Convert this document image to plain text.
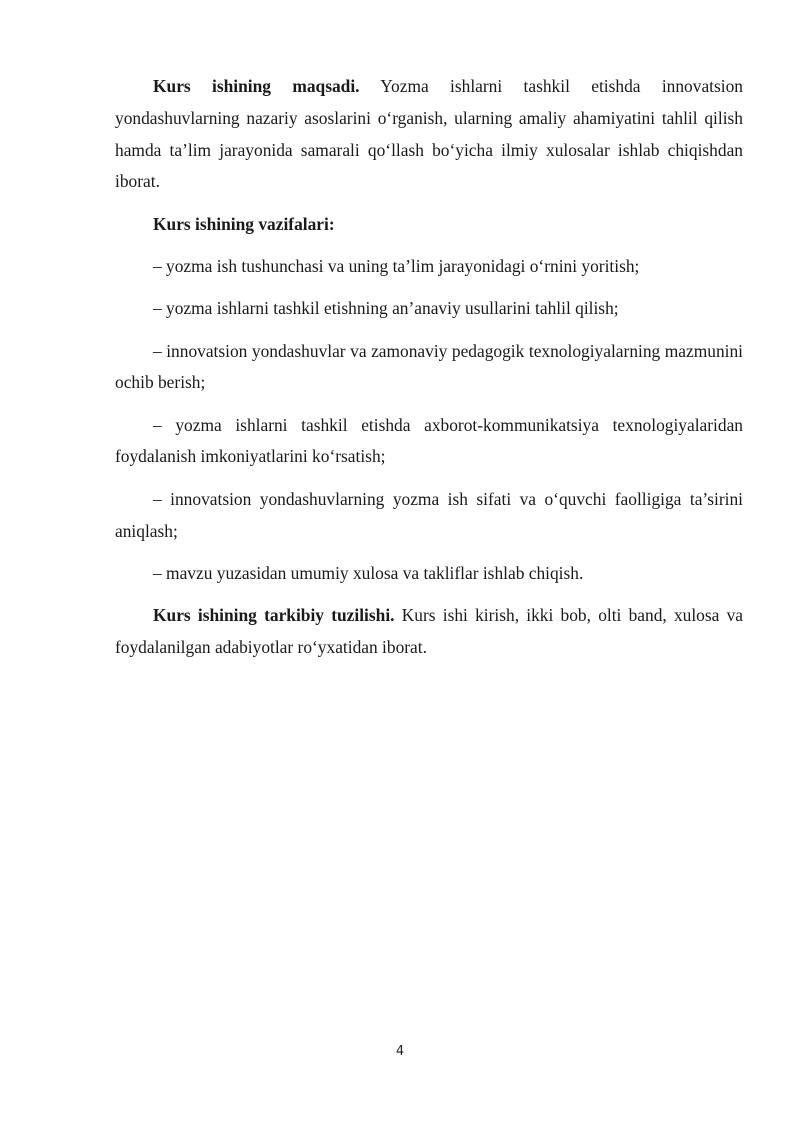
Kurs ishining maqsadi. Yozma ishlarni tashkil etishda innovatsion yondashuvlarning nazariy asoslarini o‘rganish, ularning amaliy ahamiyatini tahlil qilish hamda ta’lim jarayonida samarali qo‘llash bo‘yicha ilmiy xulosalar ishlab chiqishdan iborat.

Kurs ishining vazifalari:

– yozma ish tushunchasi va uning ta’lim jarayonidagi o‘rnini yoritish;

– yozma ishlarni tashkil etishning an’anaviy usullarini tahlil qilish;

– innovatsion yondashuvlar va zamonaviy pedagogik texnologiyalarning mazmunini ochib berish;

– yozma ishlarni tashkil etishda axborot-kommunikatsiya texnologiyalaridan foydalanish imkoniyatlarini ko‘rsatish;

– innovatsion yondashuvlarning yozma ish sifati va o‘quvchi faolligiga ta’sirini aniqlash;

– mavzu yuzasidan umumiy xulosa va takliflar ishlab chiqish.

Kurs ishining tarkibiy tuzilishi. Kurs ishi kirish, ikki bob, olti band, xulosa va foydalanilgan adabiyotlar ro‘yxatidan iborat.

4
